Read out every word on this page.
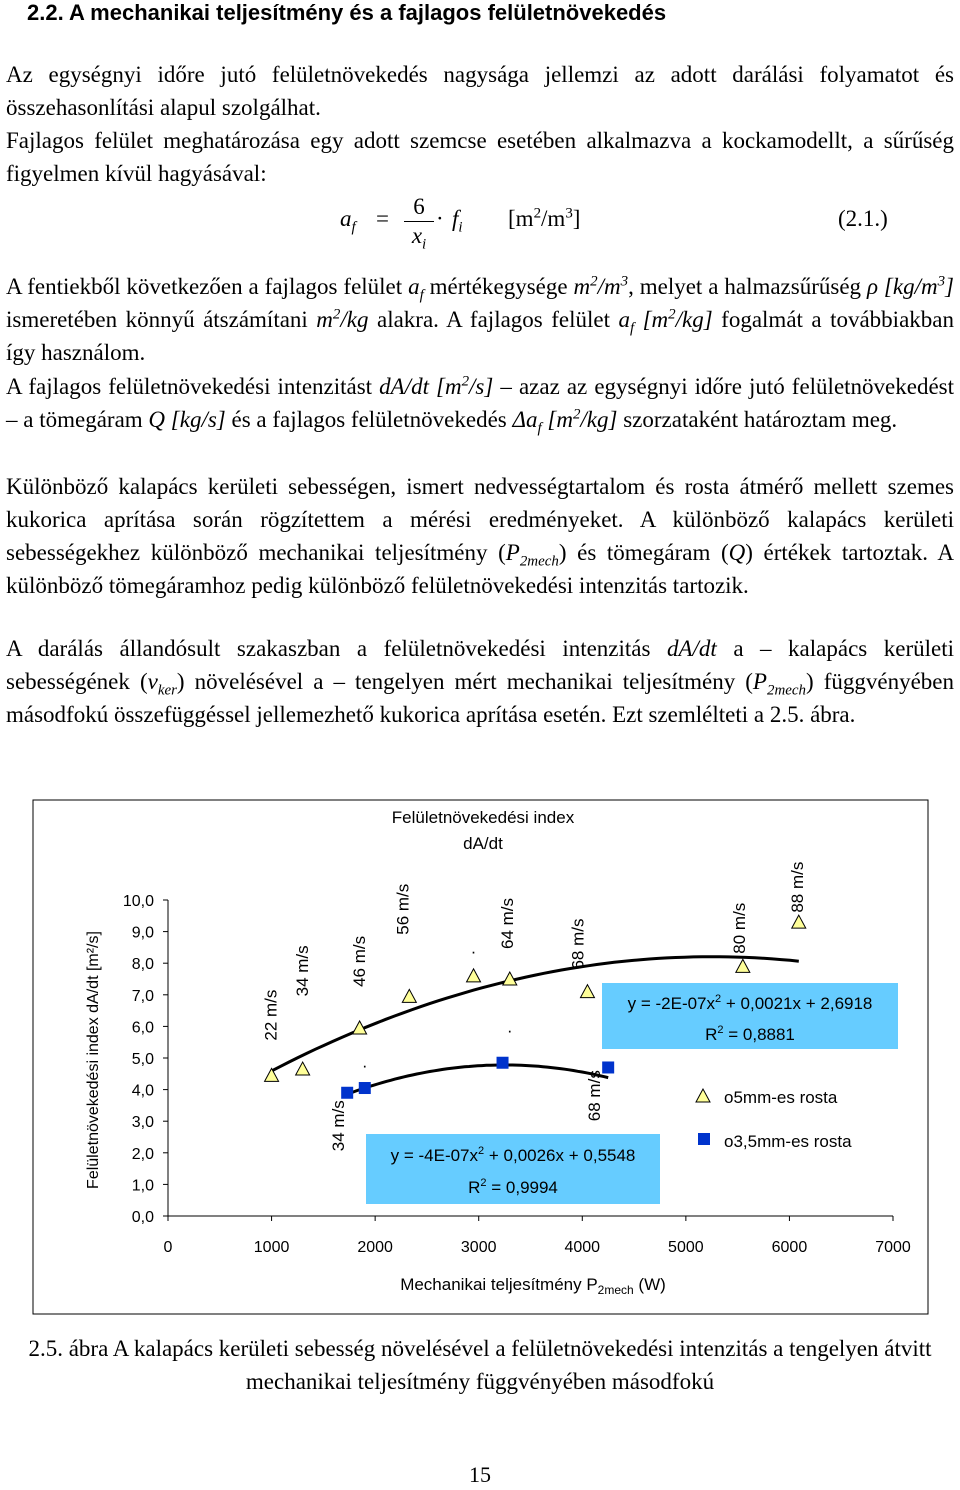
2.2. A mechanikai teljesítmény és a fajlagos felületnövekedés
Az egységnyi időre jutó felületnövekedés nagysága jellemzi az adott darálási folyamatot és összehasonlítási alapul szolgálhat.
Fajlagos felület meghatározása egy adott szemcse esetében alkalmazva a kockamodellt, a sűrűség figyelmen kívül hagyásával:
$a_f$ =	6
$x_i$
· $f_i$ $[m^2/m^3]$	(2.1.)
A fentiekből következően a fajlagos felület $a_f$ mértékegysége $m^2/m^3$, melyet a halmazsűrűség ρ $[kg/m^3]$ ismeretében könnyű átszámítani $m^2/kg$ alakra. A fajlagos felület $a_f$ $[m^2/kg]$ fogalmát a továbbiakban így használom.
A fajlagos felületnövekedési intenzitást dA/dt $[m^2/s]$ – azaz az egységnyi időre jutó felületnövekedést – a tömegáram Q [kg/s] és a fajlagos felületnövekedés $\Delta a_f$ $[m^2/kg]$ szorzataként határoztam meg.
Különböző kalapács kerületi sebességen, ismert nedvességtartalom és rosta átmérő mellett szemes kukorica aprítása során rögzítettem a mérési eredményeket. A különböző kalapács kerületi sebességekhez különböző mechanikai teljesítmény $(P_{2mech})$ és tömegáram (Q) értékek tartoztak. A különböző tömegáramhoz pedig különböző felületnövekedési intenzitás tartozik.
A darálás állandósult szakaszban a felületnövekedési intenzitás dA/dt a – kalapács kerületi sebességének $(v_{ker})$ növelésével a – tengelyen mért mechanikai teljesítmény $(P_{2mech})$ függvényében másodfokú összefüggéssel jellemezhető kukorica aprítása esetén. Ezt szemlélteti a 2.5. ábra.
Felületnövekedési index
dA/dt
Felületnövekedési index dA/dt [m²/s]
Mechanikai teljesítmény $P_{2mech}$ (W)
0,0
1,0
2,0
3,0
4,0
5,0
6,0
7,0
8,0
9,0
10,0
0	1000	2000	3000	4000	5000	6000	7000
22 m/s
34 m/s 46 m/s
56 m/s	64 m/s	68 m/s	80 m/s
88 m/s
34 m/s
68 m/s
.
.
.
$y = -2E-07x^2 + 0,0021x + 2,6918$
$R^2 = 0,8881$
$y = -4E-07x^2 + 0,0026x + 0,5548$
$R^2 = 0,9994$
o5mm-es rosta
o3,5mm-es rosta
2.5. ábra A kalapács kerületi sebesség növelésével a felületnövekedési intenzitás a tengelyen átvitt mechanikai teljesítmény függvényében másodfokú
15
